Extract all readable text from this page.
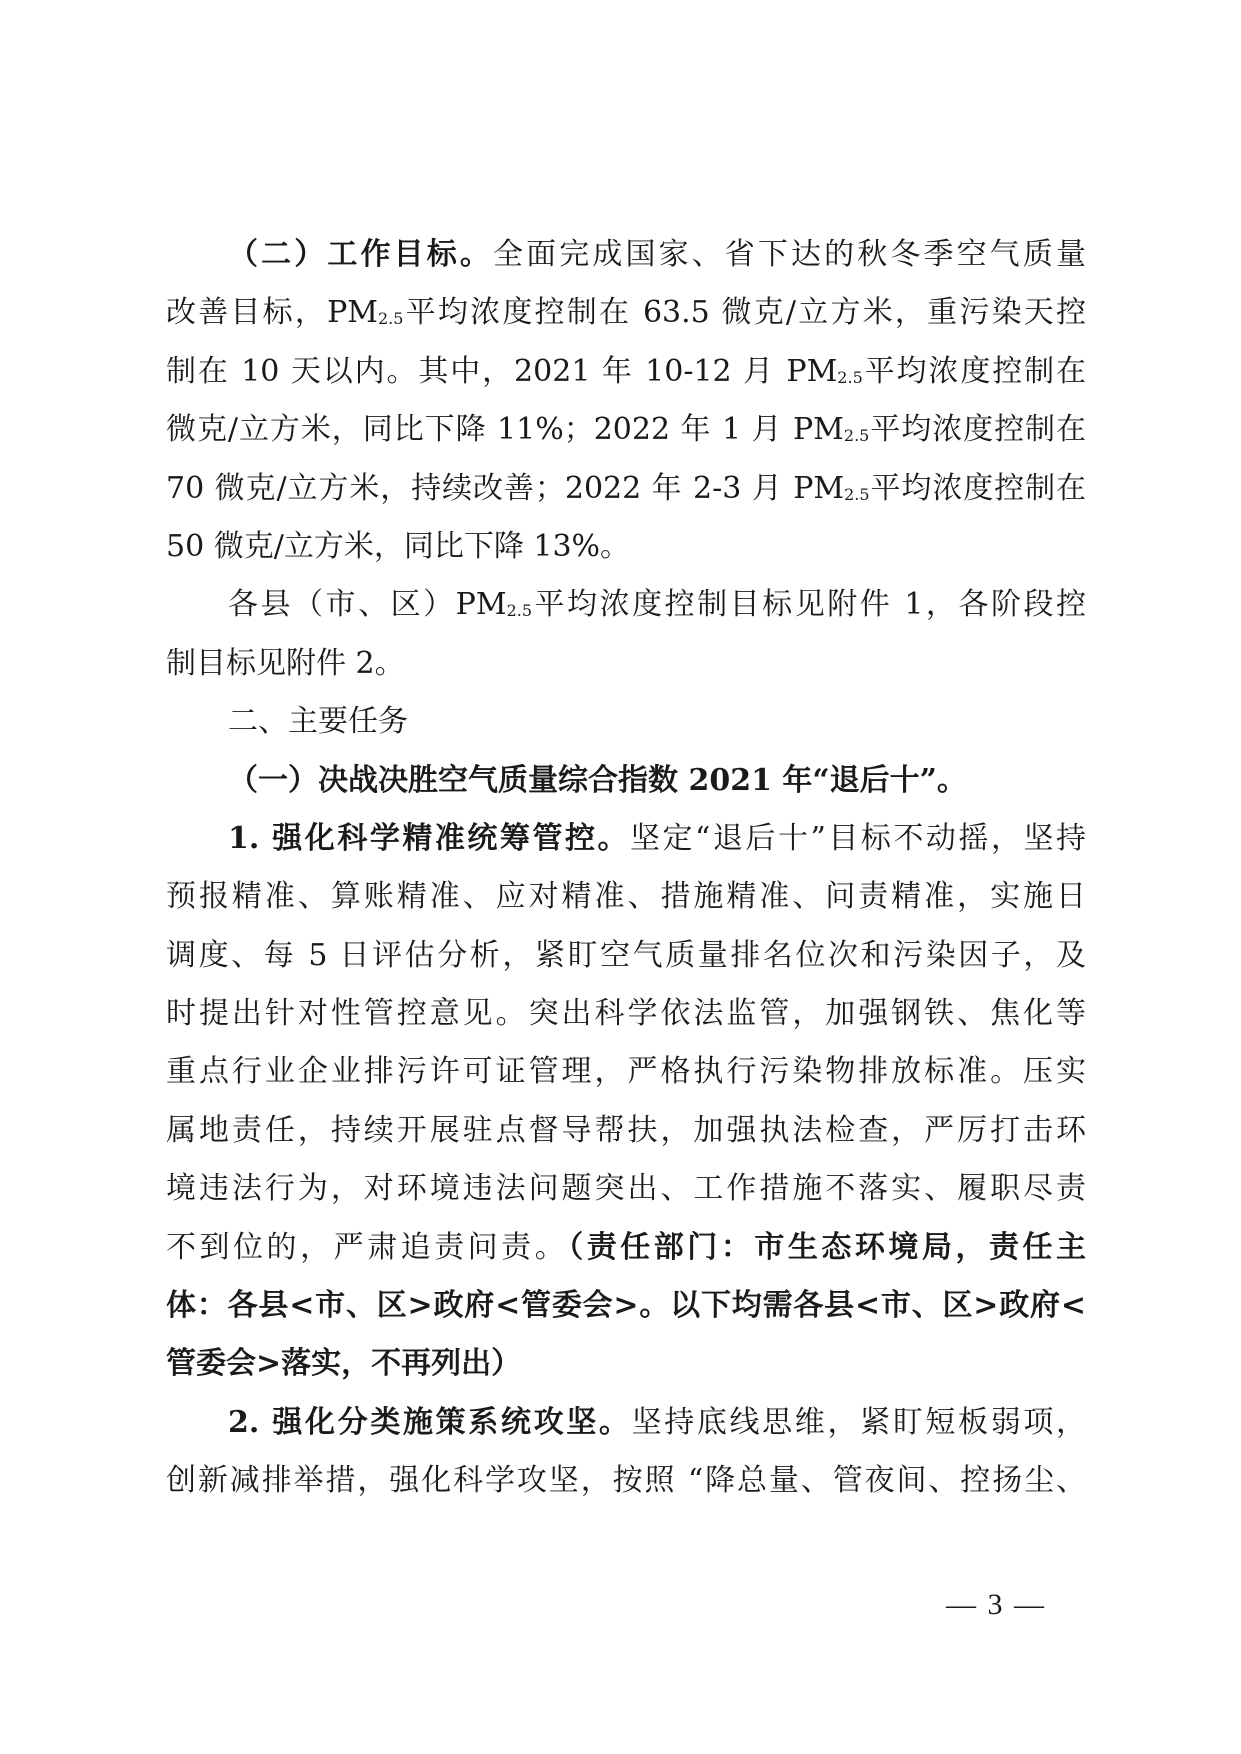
（二）工作目标。全面完成国家、省下达的秋冬季空气质量
改善目标，$PM_{2.5}$平均浓度控制在 63.5 微克/立方米，重污染天控
制在 10 天以内。其中，2021 年 10-12 月 $PM_{2.5}$平均浓度控制在
微克/立方米，同比下降 11%；2022 年 1 月 $PM_{2.5}$平均浓度控制在
70 微克/立方米，持续改善；2022 年 2-3 月 $PM_{2.5}$平均浓度控制在
50 微克/立方米，同比下降 13%。
各县（市、区）$PM_{2.5}$平均浓度控制目标见附件 1，各阶段控
制目标见附件 2。
二、主要任务
（一）决战决胜空气质量综合指数 2021 年“退后十”。
1. 强化科学精准统筹管控。坚定“退后十”目标不动摇，坚持
预报精准、算账精准、应对精准、措施精准、问责精准，实施日
调度、每 5 日评估分析，紧盯空气质量排名位次和污染因子，及
时提出针对性管控意见。突出科学依法监管，加强钢铁、焦化等
重点行业企业排污许可证管理，严格执行污染物排放标准。压实
属地责任，持续开展驻点督导帮扶，加强执法检查，严厉打击环
境违法行为，对环境违法问题突出、工作措施不落实、履职尽责
不到位的，严肃追责问责。（责任部门：市生态环境局，责任主
体：各县<市、区>政府<管委会>。以下均需各县<市、区>政府<
管委会>落实，不再列出）
2. 强化分类施策系统攻坚。坚持底线思维，紧盯短板弱项，
创新减排举措，强化科学攻坚，按照 “降总量、管夜间、控扬尘、
— 3 —
